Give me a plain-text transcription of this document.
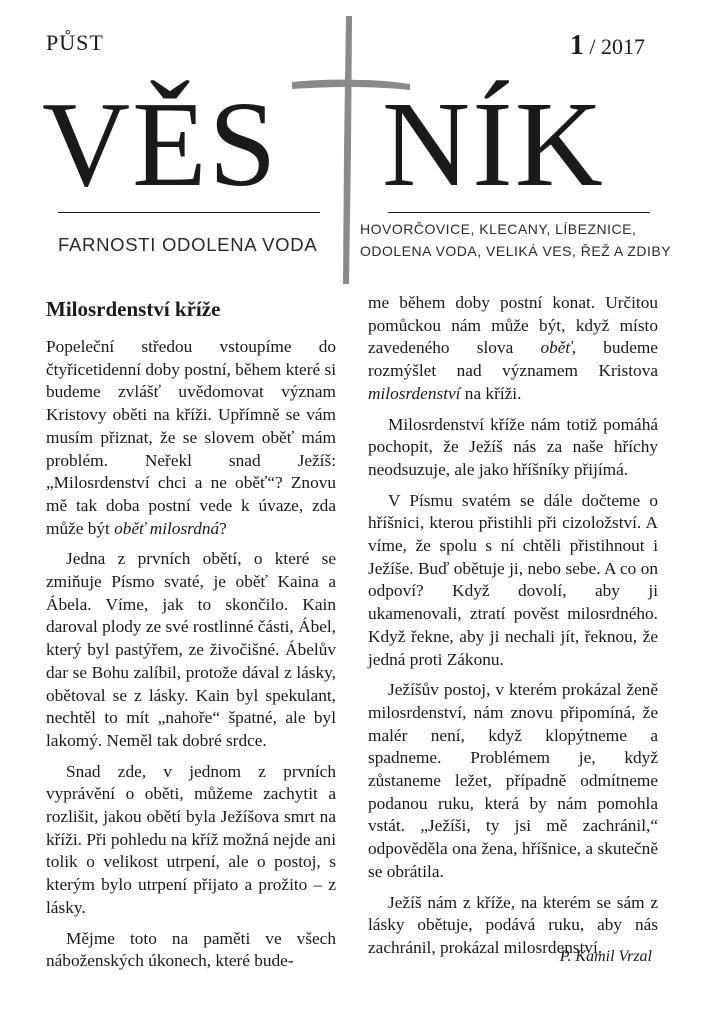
PŮST	1 / 2017
VĚS NÍK
FARNOSTI ODOLENA VODA
HOVORČOVICE, KLECANY, LÍBEZNICE,
ODOLENA VODA, VELIKÁ VES, ŘEŽ A ZDIBY
Milosrdenství kříže

Popeleční středou vstoupíme do čtyřicetidenní doby postní, během které si budeme zvlášť uvědomovat význam Kristovy oběti na kříži. Upřímně se vám musím přiznat, že se slovem oběť mám problém. Neřekl snad Ježíš: „Milosrdenství chci a ne oběť“? Znovu mě tak doba postní vede k úvaze, zda může být oběť milosrdná?

Jedna z prvních obětí, o které se zmiňuje Písmo svaté, je oběť Kaina a Ábela. Víme, jak to skončilo. Kain daroval plody ze své rostlinné části, Ábel, který byl pastýřem, ze živočišné. Ábelův dar se Bohu zalíbil, protože dával z lásky, obětoval se z lásky. Kain byl spekulant, nechtěl to mít „nahoře“ špatné, ale byl lakomý. Neměl tak dobré srdce.

Snad zde, v jednom z prvních vyprávění o oběti, můžeme zachytit a rozlišit, jakou obětí byla Ježíšova smrt na kříži. Při pohledu na kříž možná nejde ani tolik o velikost utrpení, ale o postoj, s kterým bylo utrpení přijato a prožito – z lásky.

Mějme toto na paměti ve všech náboženských úkonech, které bude-

me během doby postní konat. Určitou pomůckou nám může být, když místo zavedeného slova oběť, budeme rozmýšlet nad významem Kristova milosrdenství na kříži.

Milosrdenství kříže nám totiž pomáhá pochopit, že Ježíš nás za naše hříchy neodsuzuje, ale jako hříšníky přijímá.

V Písmu svatém se dále dočteme o hříšnici, kterou přistihli při cizoložství. A víme, že spolu s ní chtěli přistihnout i Ježíše. Buď obětuje ji, nebo sebe. A co on odpoví? Když dovolí, aby ji ukamenovali, ztratí pověst milosrdného. Když řekne, aby ji nechali jít, řeknou, že jedná proti Zákonu.

Ježíšův postoj, v kterém prokázal ženě milosrdenství, nám znovu připomíná, že malér není, když klopýtneme a spadneme. Problémem je, když zůstaneme ležet, případně odmítneme podanou ruku, která by nám pomohla vstát. „Ježíši, ty jsi mě zachránil,“ odpověděla ona žena, hříšnice, a skutečně se obrátila.

Ježíš nám z kříže, na kterém se sám z lásky obětuje, podává ruku, aby nás zachránil, prokázal milosrdenství.

P. Kamil Vrzal
